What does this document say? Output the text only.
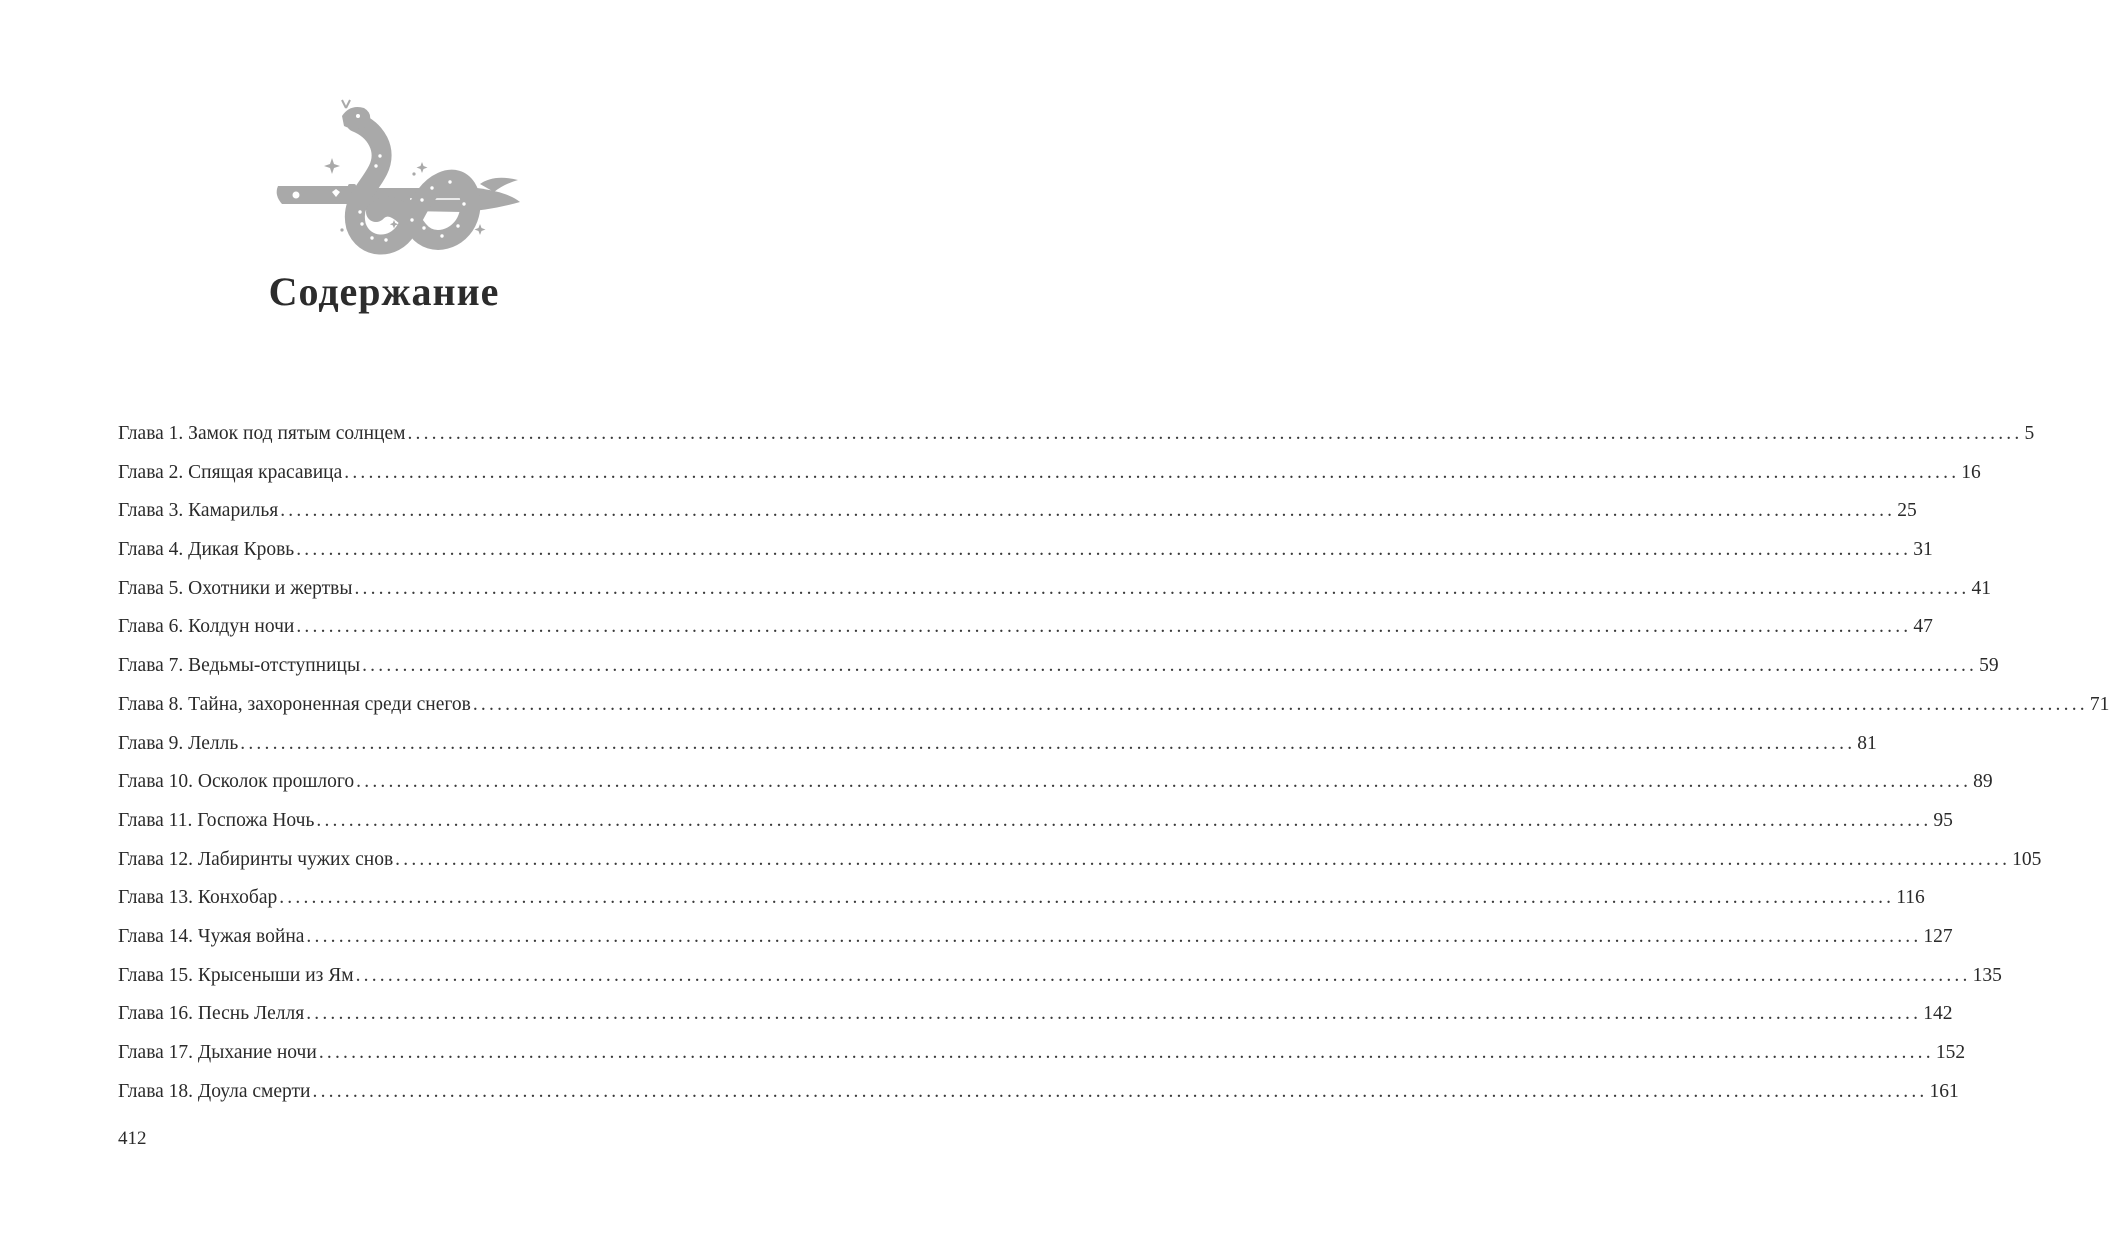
Содержание
Глава 1. Замок под пятым солнцем ........................................................................................................................................................................................................ 5
Глава 2. Спящая красавица ........................................................................................................................................................................................................ 16
Глава 3. Камарилья ........................................................................................................................................................................................................ 25
Глава 4. Дикая Кровь ........................................................................................................................................................................................................ 31
Глава 5. Охотники и жертвы ........................................................................................................................................................................................................ 41
Глава 6. Колдун ночи ........................................................................................................................................................................................................ 47
Глава 7. Ведьмы-отступницы ........................................................................................................................................................................................................ 59
Глава 8. Тайна, захороненная среди снегов ........................................................................................................................................................................................................ 71
Глава 9. Лелль ........................................................................................................................................................................................................ 81
Глава 10. Осколок прошлого ........................................................................................................................................................................................................ 89
Глава 11. Госпожа Ночь ........................................................................................................................................................................................................ 95
Глава 12. Лабиринты чужих снов ........................................................................................................................................................................................................ 105
Глава 13. Конхобар ........................................................................................................................................................................................................ 116
Глава 14. Чужая война ........................................................................................................................................................................................................ 127
Глава 15. Крысеныши из Ям ........................................................................................................................................................................................................ 135
Глава 16. Песнь Лелля ........................................................................................................................................................................................................ 142
Глава 17. Дыхание ночи ........................................................................................................................................................................................................ 152
Глава 18. Доула смерти ........................................................................................................................................................................................................ 161
412
